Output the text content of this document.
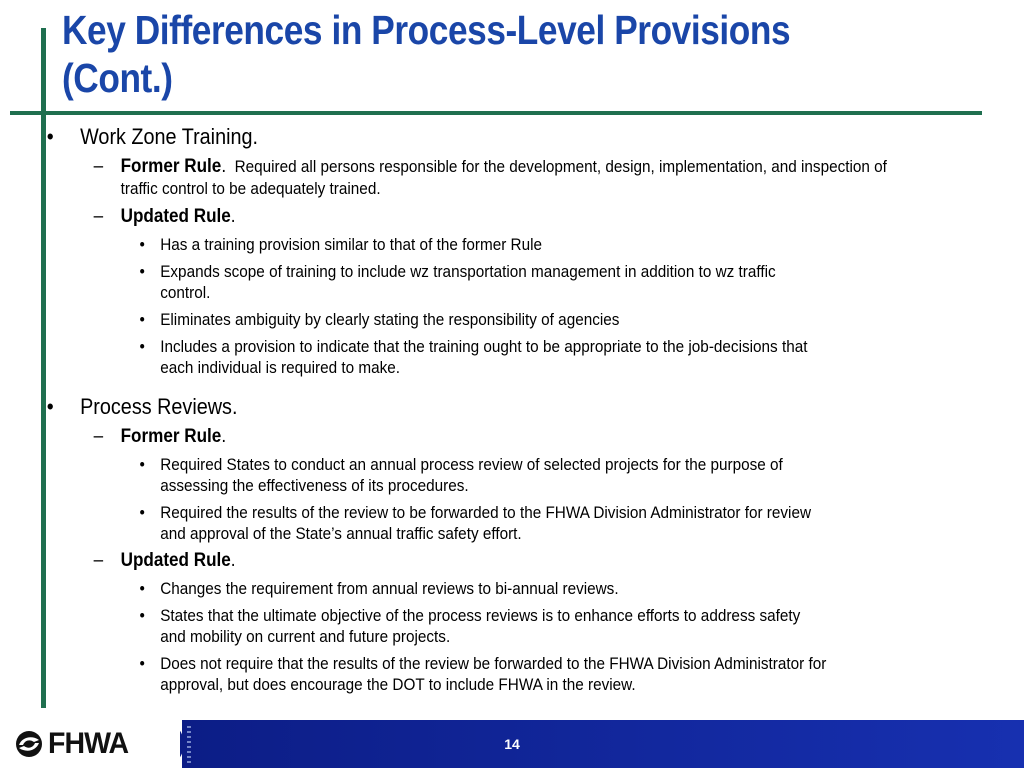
Key Differences in Process-Level Provisions
(Cont.)
• Work Zone Training.
– Former Rule.  Required all persons responsible for the development, design, implementation, and inspection of traffic control to be adequately trained.
– Updated Rule.
• Has a training provision similar to that of the former Rule
• Expands scope of training to include wz transportation management in addition to wz traffic control.
• Eliminates ambiguity by clearly stating the responsibility of agencies
• Includes a provision to indicate that the training ought to be appropriate to the job-decisions that each individual is required to make.
• Process Reviews.
– Former Rule.
• Required States to conduct an annual process review of selected projects for the purpose of assessing the effectiveness of its procedures.
• Required the results of the review to be forwarded to the FHWA Division Administrator for review and approval of the State’s annual traffic safety effort.
– Updated Rule.
• Changes the requirement from annual reviews to bi-annual reviews.
• States that the ultimate objective of the process reviews is to enhance efforts to address safety and mobility on current and future projects.
• Does not require that the results of the review be forwarded to the FHWA Division Administrator for approval, but does encourage the DOT to include FHWA in the review.
FHWA	14
